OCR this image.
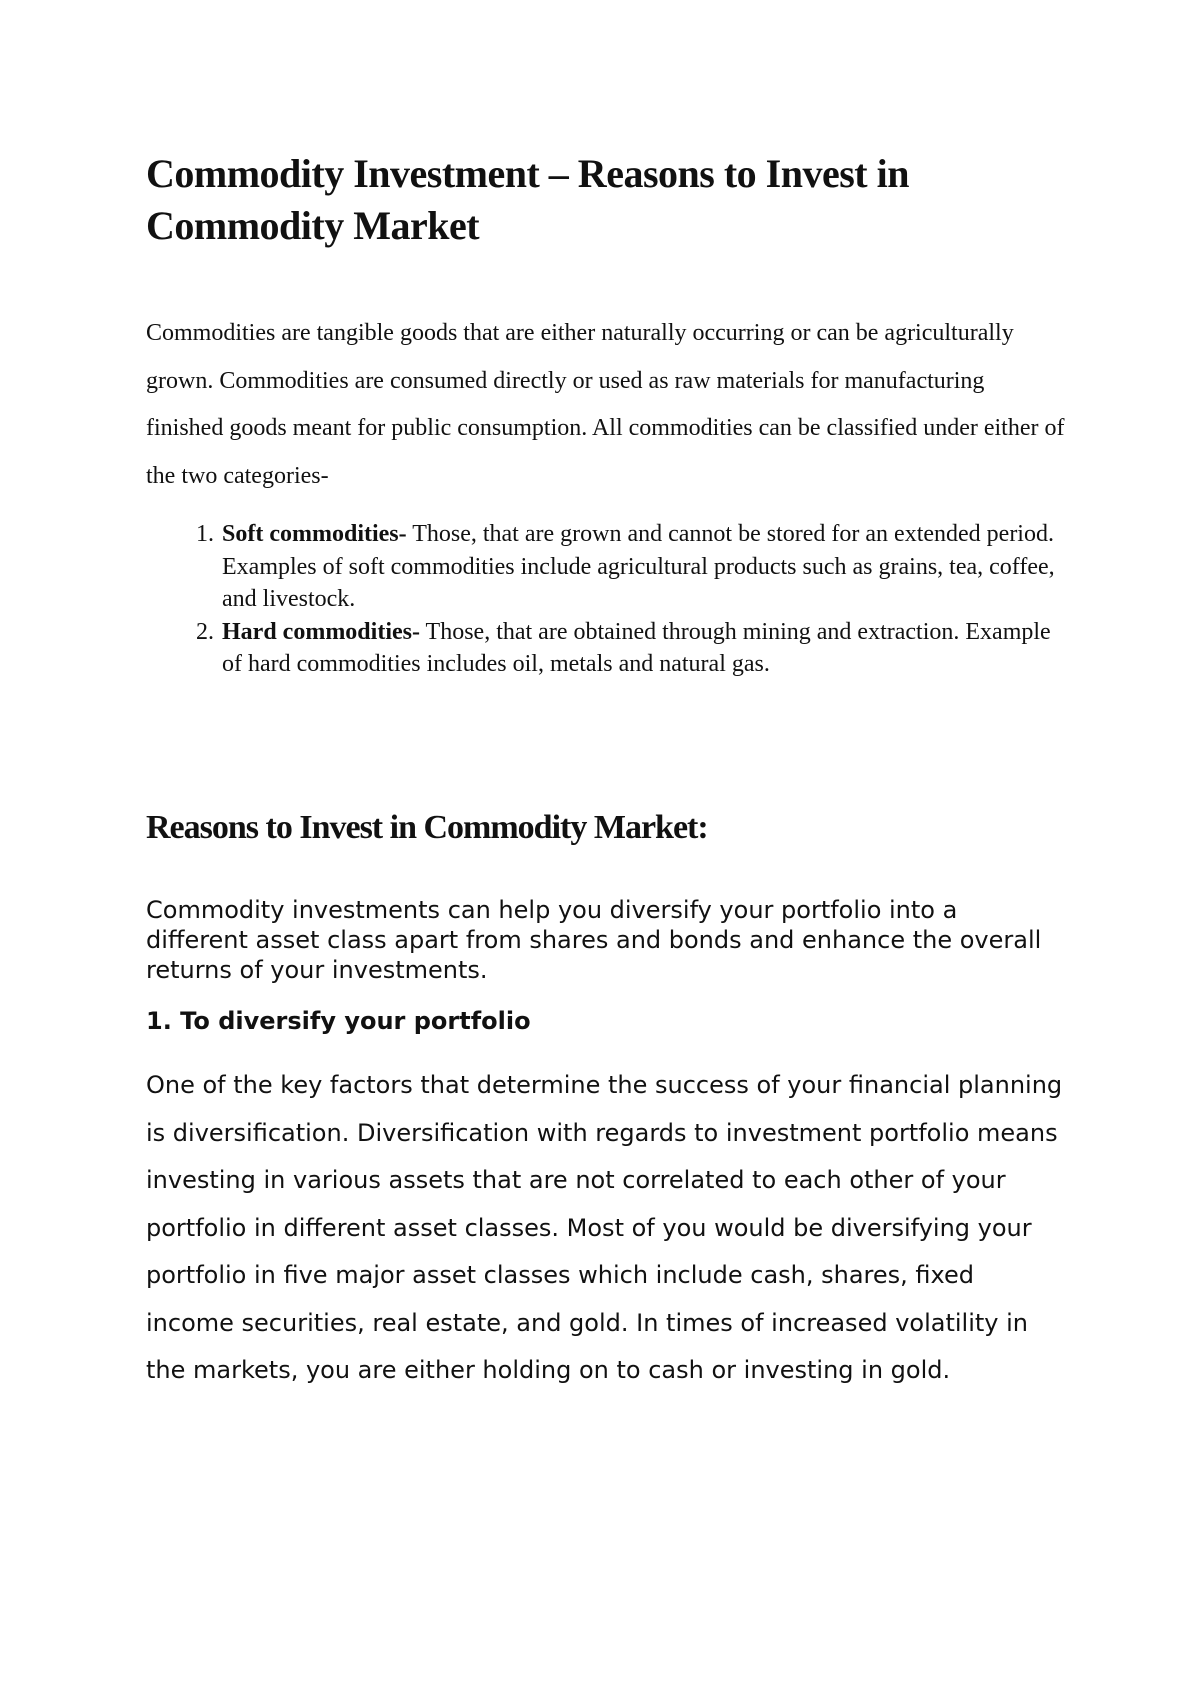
Commodity Investment – Reasons to Invest in Commodity Market

Commodities are tangible goods that are either naturally occurring or can be agriculturally grown. Commodities are consumed directly or used as raw materials for manufacturing finished goods meant for public consumption. All commodities can be classified under either of the two categories-

1. Soft commodities- Those, that are grown and cannot be stored for an extended period. Examples of soft commodities include agricultural products such as grains, tea, coffee, and livestock.
2. Hard commodities- Those, that are obtained through mining and extraction. Example of hard commodities includes oil, metals and natural gas.
Reasons to Invest in Commodity Market:

Commodity investments can help you diversify your portfolio into a different asset class apart from shares and bonds and enhance the overall returns of your investments.

1. To diversify your portfolio

One of the key factors that determine the success of your financial planning is diversification. Diversification with regards to investment portfolio means investing in various assets that are not correlated to each other of your portfolio in different asset classes. Most of you would be diversifying your portfolio in five major asset classes which include cash, shares, fixed income securities, real estate, and gold. In times of increased volatility in the markets, you are either holding on to cash or investing in gold.
